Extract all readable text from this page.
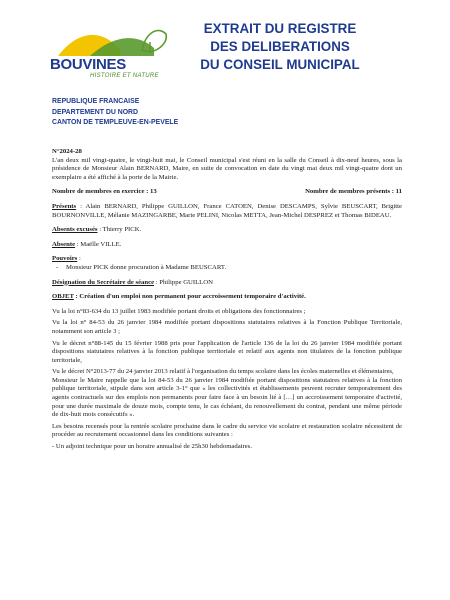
BOUVINES
HISTOIRE ET NATURE
EXTRAIT DU REGISTRE
DES DELIBERATIONS
DU CONSEIL MUNICIPAL
REPUBLIQUE FRANCAISE
DEPARTEMENT DU NORD
CANTON DE TEMPLEUVE-EN-PEVELE
N°2024-28
L'an deux mil vingt-quatre, le vingt-huit mai, le Conseil municipal s'est réuni en la salle du Conseil à dix-neuf heures, sous la présidence de Monsieur Alain BERNARD, Maire, en suite de convocation en date du vingt mai deux mil vingt-quatre dont un exemplaire a été affiché à la porte de la Mairie.
Nombre de membres en exercice : 13	Nombre de membres présents : 11
Présents : Alain BERNARD, Philippe GUILLON, France CATOEN, Denise DESCAMPS, Sylvie BEUSCART, Brigitte BOURNONVILLE, Mélanie MAZINGARBE, Marie PELINI, Nicolas METTA, Jean-Michel DESPREZ et Thomas BIDEAU.
Absents excusés : Thierry PICK.
Absente : Maëlle VILLE.
Pouvoirs :
- Monsieur PICK donne procuration à Madame BEUSCART.
Désignation du Secrétaire de séance : Philippe GUILLON
OBJET : Création d'un emploi non permanent pour accroissement temporaire d'activité.
Vu la loi n°83-634 du 13 juillet 1983 modifiée portant droits et obligations des fonctionnaires ;
Vu la loi n° 84-53 du 26 janvier 1984 modifiée portant dispositions statutaires relatives à la Fonction Publique Territoriale, notamment son article 3 ;
Vu le décret n°88-145 du 15 février 1988 pris pour l'application de l'article 136 de la loi du 26 janvier 1984 modifiée portant dispositions statutaires relatives à la fonction publique territoriale et relatif aux agents non titulaires de la fonction publique territoriale,
Vu le décret N°2013-77 du 24 janvier 2013 relatif à l'organisation du temps scolaire dans les écoles maternelles et élémentaires,
Monsieur le Maire rappelle que la loi 84-53 du 26 janvier 1984 modifiée portant dispositions statutaires relatives à la fonction publique territoriale, stipule dans son article 3-1° que « les collectivités et établissements peuvent recruter temporairement des agents contractuels sur des emplois non permanents pour faire face à un besoin lié à […] un accroissement temporaire d'activité, pour une durée maximale de douze mois, compte tenu, le cas échéant, du renouvellement du contrat, pendant une même période de dix-huit mois consécutifs ».
Les besoins recensés pour la rentrée scolaire prochaine dans le cadre du service vie scolaire et restauration scolaire nécessitent de procéder au recrutement occasionnel dans les conditions suivantes :
- Un adjoint technique pour un horaire annualisé de 25h30 hebdomadaires.
